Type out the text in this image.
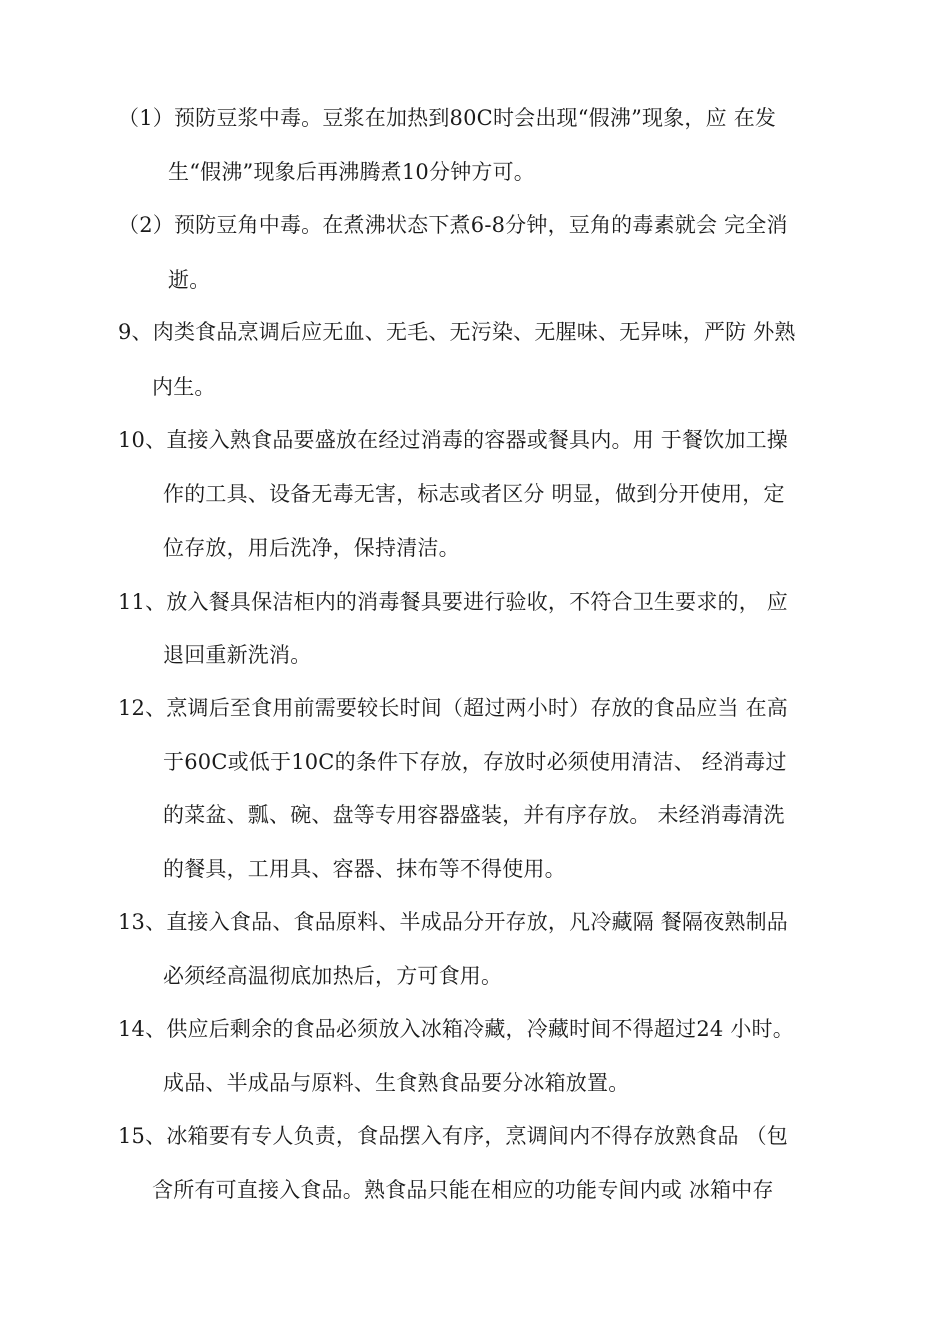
（1）预防豆浆中毒。豆浆在加热到80C时会出现“假沸”现象，应 在发
生“假沸”现象后再沸腾煮10分钟方可。
（2）预防豆角中毒。在煮沸状态下煮6-8分钟，豆角的毒素就会 完全消
逝。
9、肉类食品烹调后应无血、无毛、无污染、无腥味、无异味，严防 外熟
内生。
10、直接入熟食品要盛放在经过消毒的容器或餐具内。用 于餐饮加工操
作的工具、设备无毒无害，标志或者区分 明显，做到分开使用，定
位存放，用后洗净，保持清洁。
11、放入餐具保洁柜内的消毒餐具要进行验收，不符合卫生要求的， 应
退回重新洗消。
12、烹调后至食用前需要较长时间（超过两小时）存放的食品应当 在高
于60C或低于10C的条件下存放，存放时必须使用清洁、 经消毒过
的菜盆、瓢、碗、盘等专用容器盛装，并有序存放。 未经消毒清洗
的餐具，工用具、容器、抹布等不得使用。
13、直接入食品、食品原料、半成品分开存放，凡冷藏隔 餐隔夜熟制品
必须经高温彻底加热后，方可食用。
14、供应后剩余的食品必须放入冰箱冷藏，冷藏时间不得超过24 小时。
成品、半成品与原料、生食熟食品要分冰箱放置。
15、冰箱要有专人负责，食品摆入有序，烹调间内不得存放熟食品 （包
含所有可直接入食品。熟食品只能在相应的功能专间内或 冰箱中存
